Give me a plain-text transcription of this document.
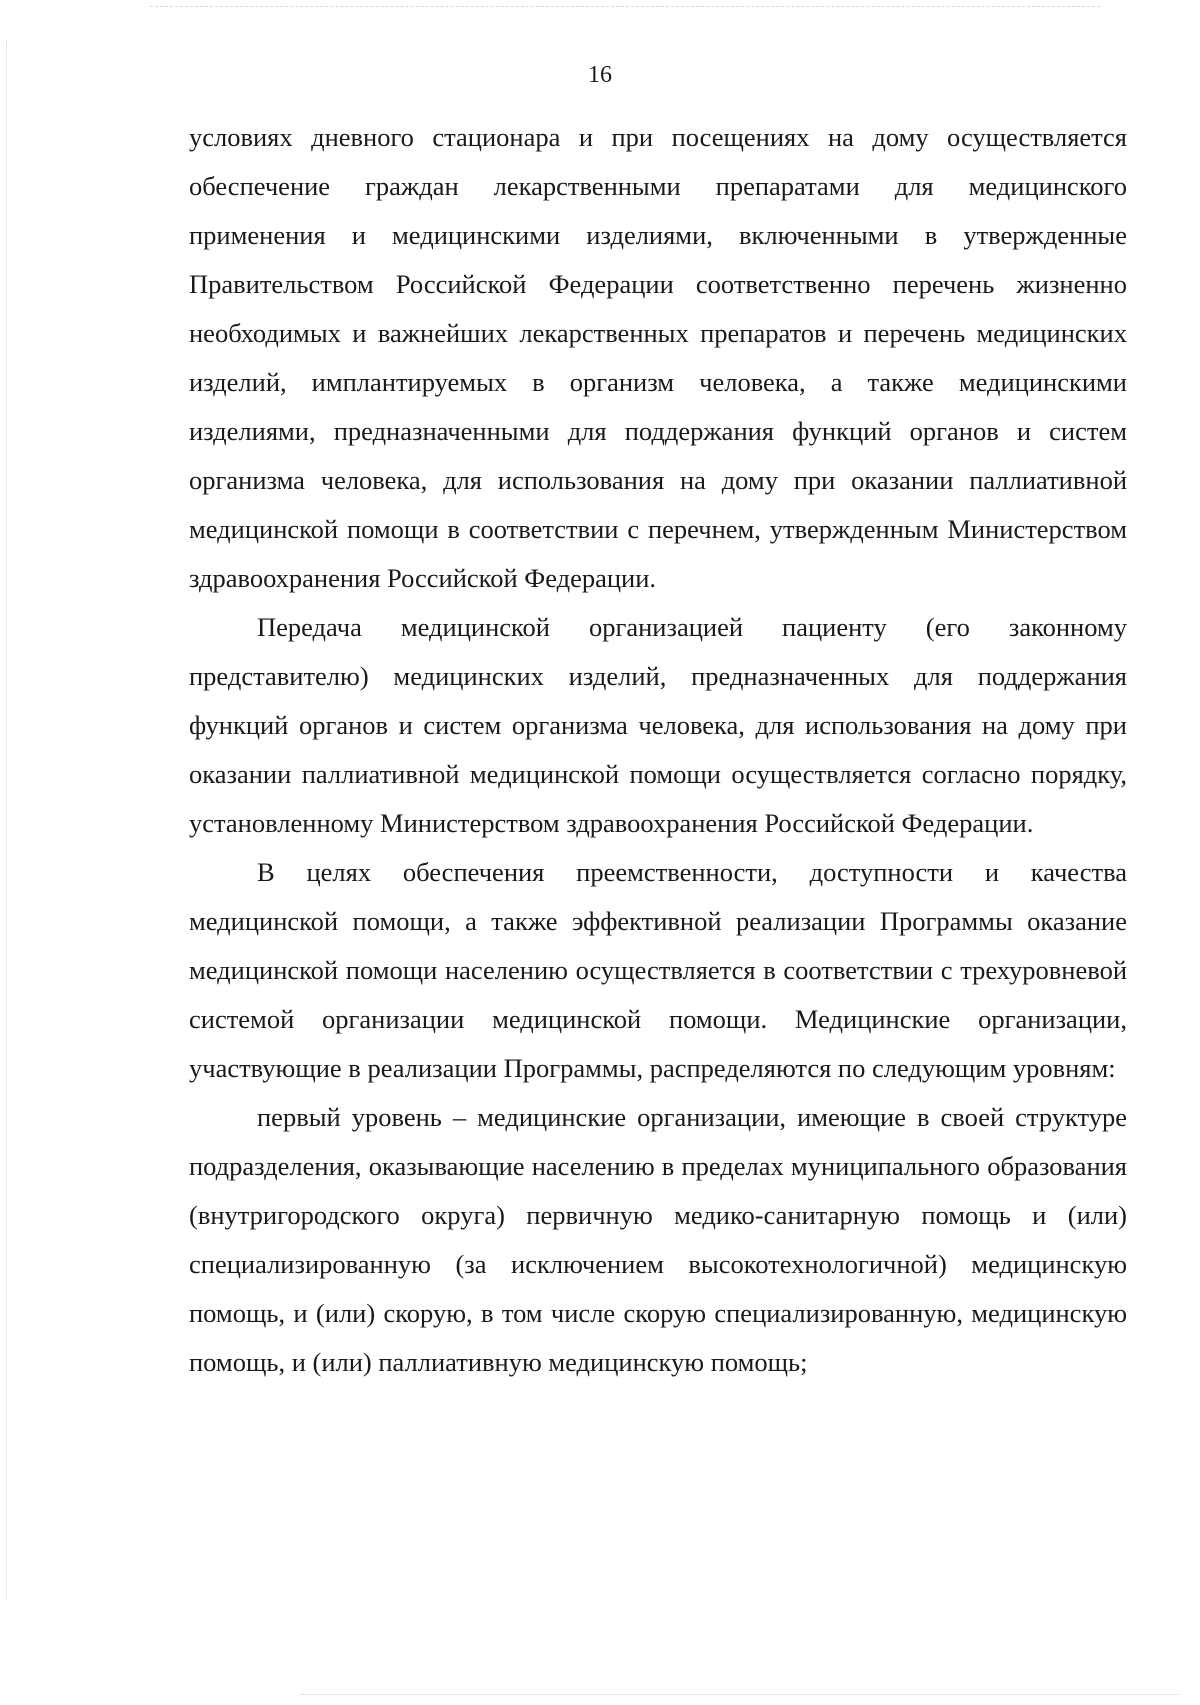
16

условиях дневного стационара и при посещениях на дому осуществляется обеспечение граждан лекарственными препаратами для медицинского применения и медицинскими изделиями, включенными в утвержденные Правительством Российской Федерации соответственно перечень жизненно необходимых и важнейших лекарственных препаратов и перечень медицинских изделий, имплантируемых в организм человека, а также медицинскими изделиями, предназначенными для поддержания функций органов и систем организма человека, для использования на дому при оказании паллиативной медицинской помощи в соответствии с перечнем, утвержденным Министерством здравоохранения Российской Федерации.

Передача медицинской организацией пациенту (его законному представителю) медицинских изделий, предназначенных для поддержания функций органов и систем организма человека, для использования на дому при оказании паллиативной медицинской помощи осуществляется согласно порядку, установленному Министерством здравоохранения Российской Федерации.

В целях обеспечения преемственности, доступности и качества медицинской помощи, а также эффективной реализации Программы оказание медицинской помощи населению осуществляется в соответствии с трехуровневой системой организации медицинской помощи. Медицинские организации, участвующие в реализации Программы, распределяются по следующим уровням:

первый уровень – медицинские организации, имеющие в своей структуре подразделения, оказывающие населению в пределах муниципального образования (внутригородского округа) первичную медико-санитарную помощь и (или) специализированную (за исключением высокотехнологичной) медицинскую помощь, и (или) скорую, в том числе скорую специализированную, медицинскую помощь, и (или) паллиативную медицинскую помощь;
